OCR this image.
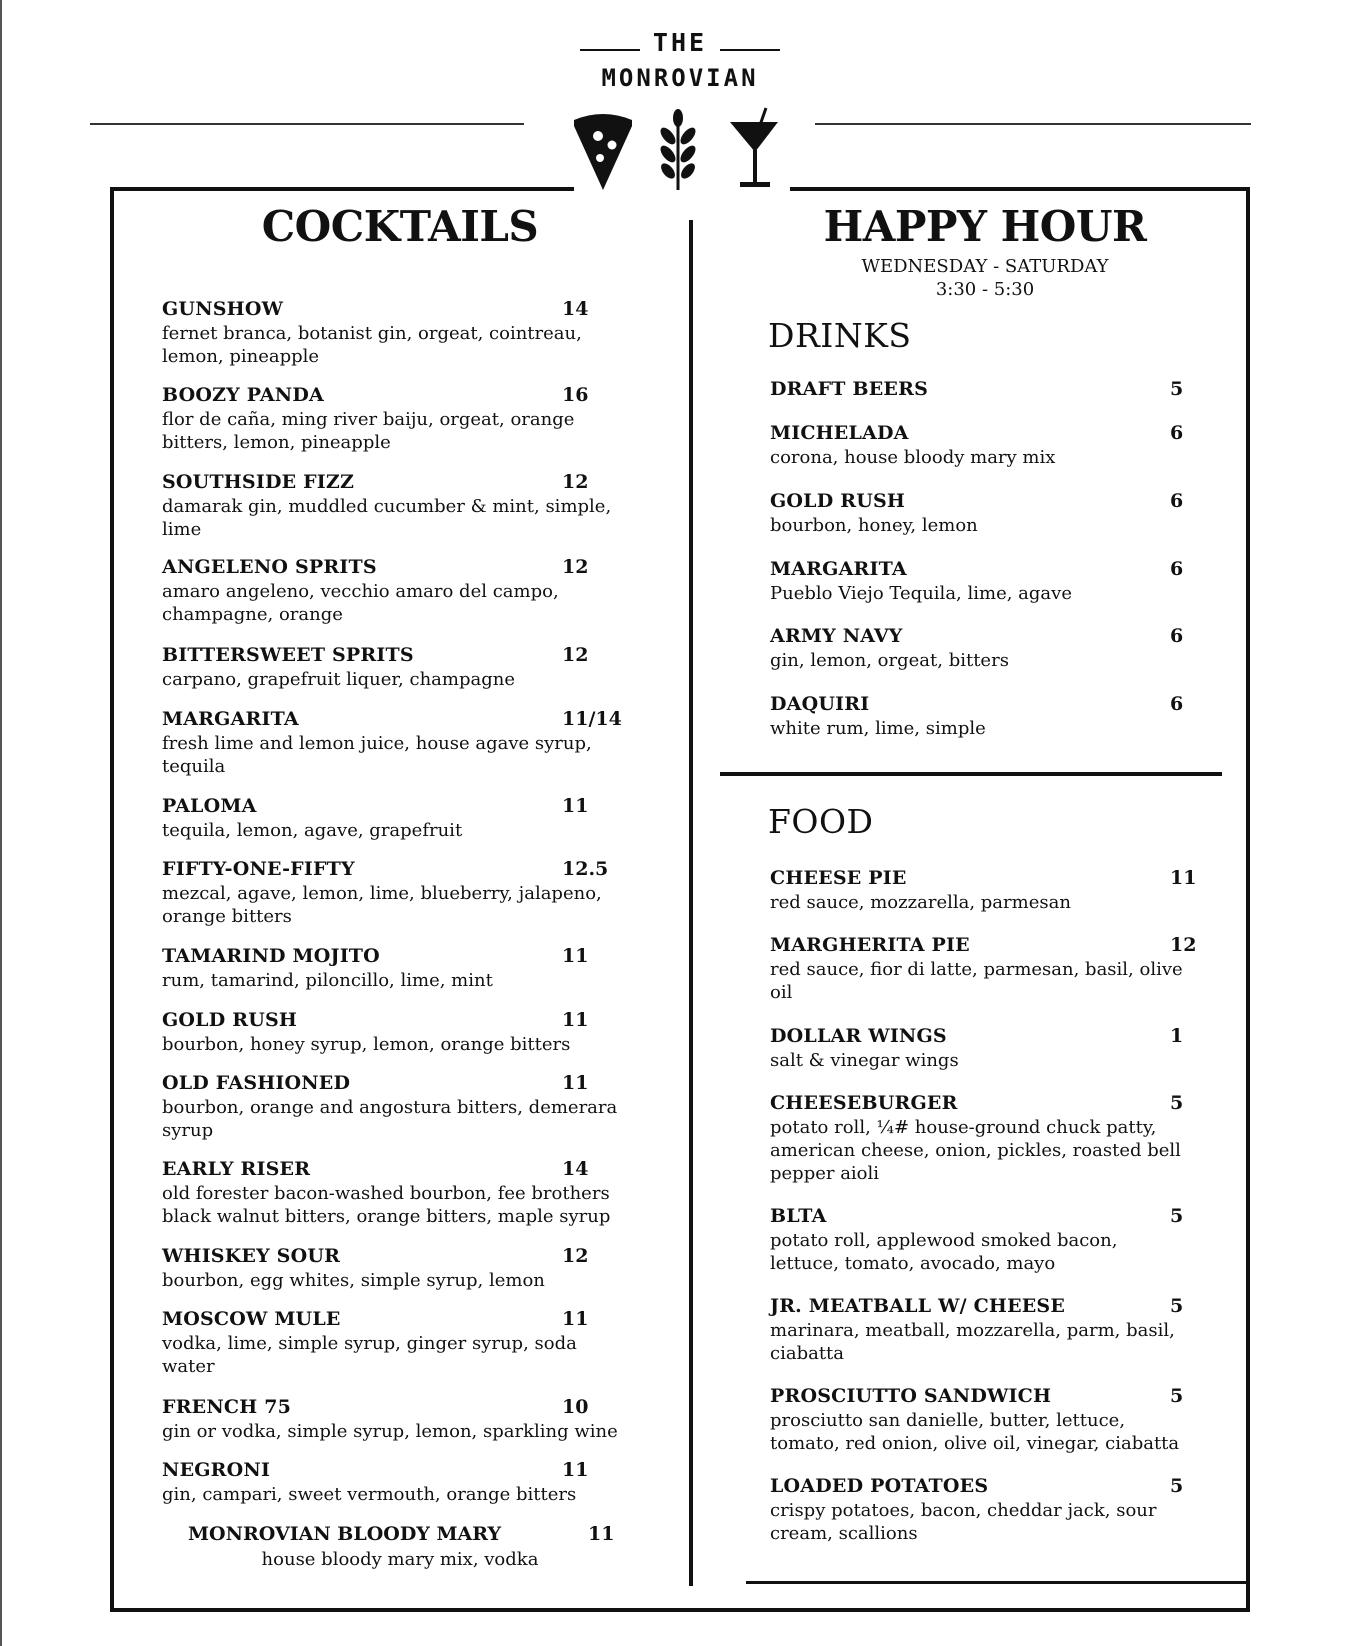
THE
MONROVIAN
COCKTAILS
GUNSHOW	14
fernet branca, botanist gin, orgeat, cointreau,
lemon, pineapple
BOOZY PANDA	16
flor de caña, ming river baiju, orgeat, orange
bitters, lemon, pineapple
SOUTHSIDE FIZZ	12
damarak gin, muddled cucumber & mint, simple,
lime
ANGELENO SPRITS	12
amaro angeleno, vecchio amaro del campo,
champagne, orange
BITTERSWEET SPRITS	12
carpano, grapefruit liquer, champagne
MARGARITA	11/14
fresh lime and lemon juice, house agave syrup,
tequila
PALOMA	11
tequila, lemon, agave, grapefruit
FIFTY-ONE-FIFTY	12.5
mezcal, agave, lemon, lime, blueberry, jalapeno,
orange bitters
TAMARIND MOJITO	11
rum, tamarind, piloncillo, lime, mint
GOLD RUSH	11
bourbon, honey syrup, lemon, orange bitters
OLD FASHIONED	11
bourbon, orange and angostura bitters, demerara
syrup
EARLY RISER	14
old forester bacon-washed bourbon, fee brothers
black walnut bitters, orange bitters, maple syrup
WHISKEY SOUR	12
bourbon, egg whites, simple syrup, lemon
MOSCOW MULE	11
vodka, lime, simple syrup, ginger syrup, soda
water
FRENCH 75	10
gin or vodka, simple syrup, lemon, sparkling wine
NEGRONI	11
gin, campari, sweet vermouth, orange bitters
MONROVIAN BLOODY MARY	11
house bloody mary mix, vodka
HAPPY HOUR
WEDNESDAY - SATURDAY
3:30 - 5:30
DRINKS
DRAFT BEERS	5
MICHELADA	6
corona, house bloody mary mix
GOLD RUSH	6
bourbon, honey, lemon
MARGARITA	6
Pueblo Viejo Tequila, lime, agave
ARMY NAVY	6
gin, lemon, orgeat, bitters
DAQUIRI	6
white rum, lime, simple
FOOD
CHEESE PIE	11
red sauce, mozzarella, parmesan
MARGHERITA PIE	12
red sauce, fior di latte, parmesan, basil, olive
oil
DOLLAR WINGS	1
salt & vinegar wings
CHEESEBURGER	5
potato roll, ¼# house-ground chuck patty,
american cheese, onion, pickles, roasted bell
pepper aioli
BLTA	5
potato roll, applewood smoked bacon,
lettuce, tomato, avocado, mayo
JR. MEATBALL W/ CHEESE	5
marinara, meatball, mozzarella, parm, basil,
ciabatta
PROSCIUTTO SANDWICH	5
prosciutto san danielle, butter, lettuce,
tomato, red onion, olive oil, vinegar, ciabatta
LOADED POTATOES	5
crispy potatoes, bacon, cheddar jack, sour
cream, scallions
